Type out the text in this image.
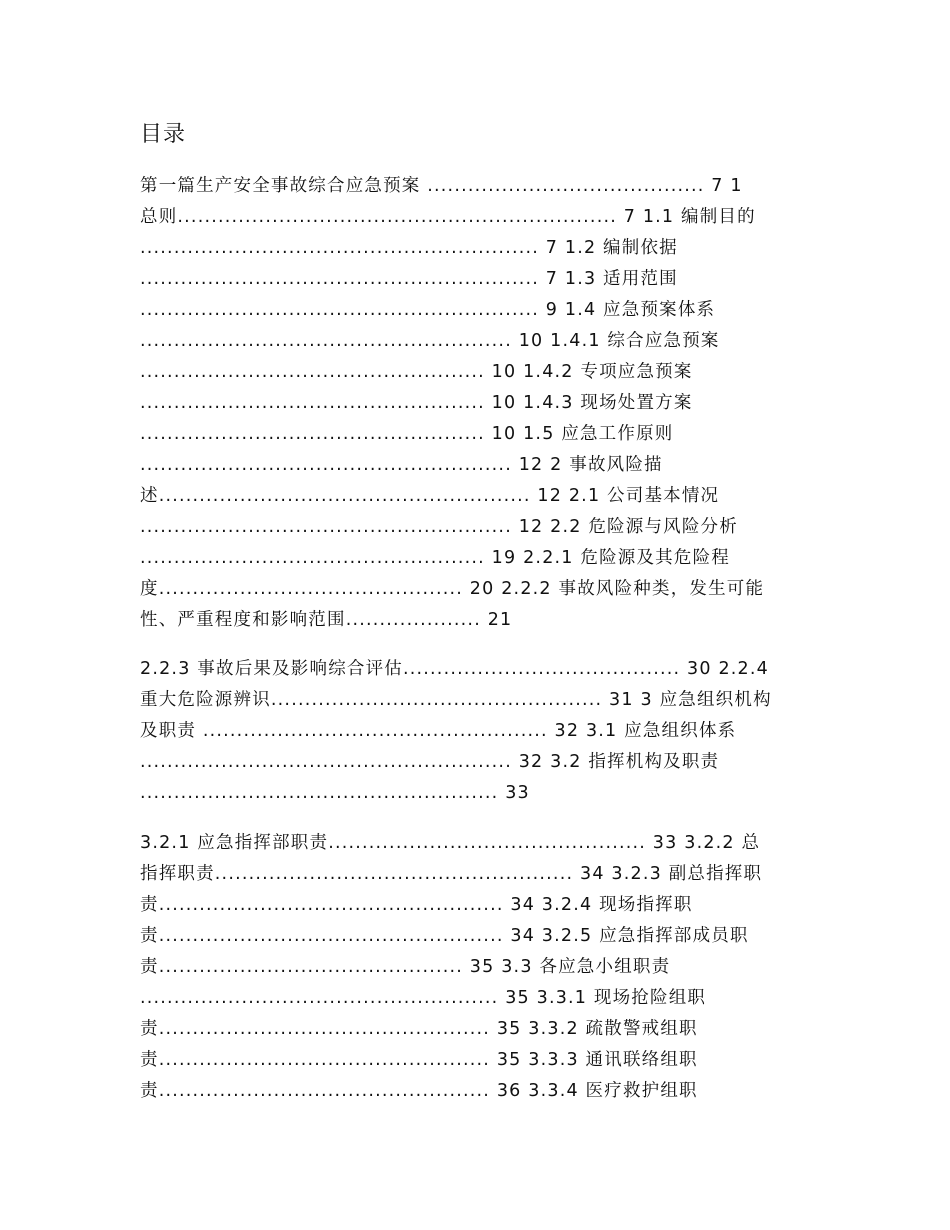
目录
第一篇生产安全事故综合应急预案 ......................................... 7 1
总则................................................................. 7 1.1 编制目的
........................................................... 7 1.2 编制依据
........................................................... 7 1.3 适用范围
........................................................... 9 1.4 应急预案体系
....................................................... 10 1.4.1 综合应急预案
................................................... 10 1.4.2 专项应急预案
................................................... 10 1.4.3 现场处置方案
................................................... 10 1.5 应急工作原则
....................................................... 12 2 事故风险描
述....................................................... 12 2.1 公司基本情况
....................................................... 12 2.2 危险源与风险分析
................................................... 19 2.2.1 危险源及其危险程
度............................................. 20 2.2.2 事故风险种类，发生可能
性、严重程度和影响范围.................... 21
2.2.3 事故后果及影响综合评估......................................... 30 2.2.4
重大危险源辨识................................................. 31 3 应急组织机构
及职责 ................................................... 32 3.1 应急组织体系
....................................................... 32 3.2 指挥机构及职责
..................................................... 33
3.2.1 应急指挥部职责............................................... 33 3.2.2 总
指挥职责..................................................... 34 3.2.3 副总指挥职
责................................................... 34 3.2.4 现场指挥职
责................................................... 34 3.2.5 应急指挥部成员职
责............................................. 35 3.3 各应急小组职责
..................................................... 35 3.3.1 现场抢险组职
责................................................. 35 3.3.2 疏散警戒组职
责................................................. 35 3.3.3 通讯联络组职
责................................................. 36 3.3.4 医疗救护组职
